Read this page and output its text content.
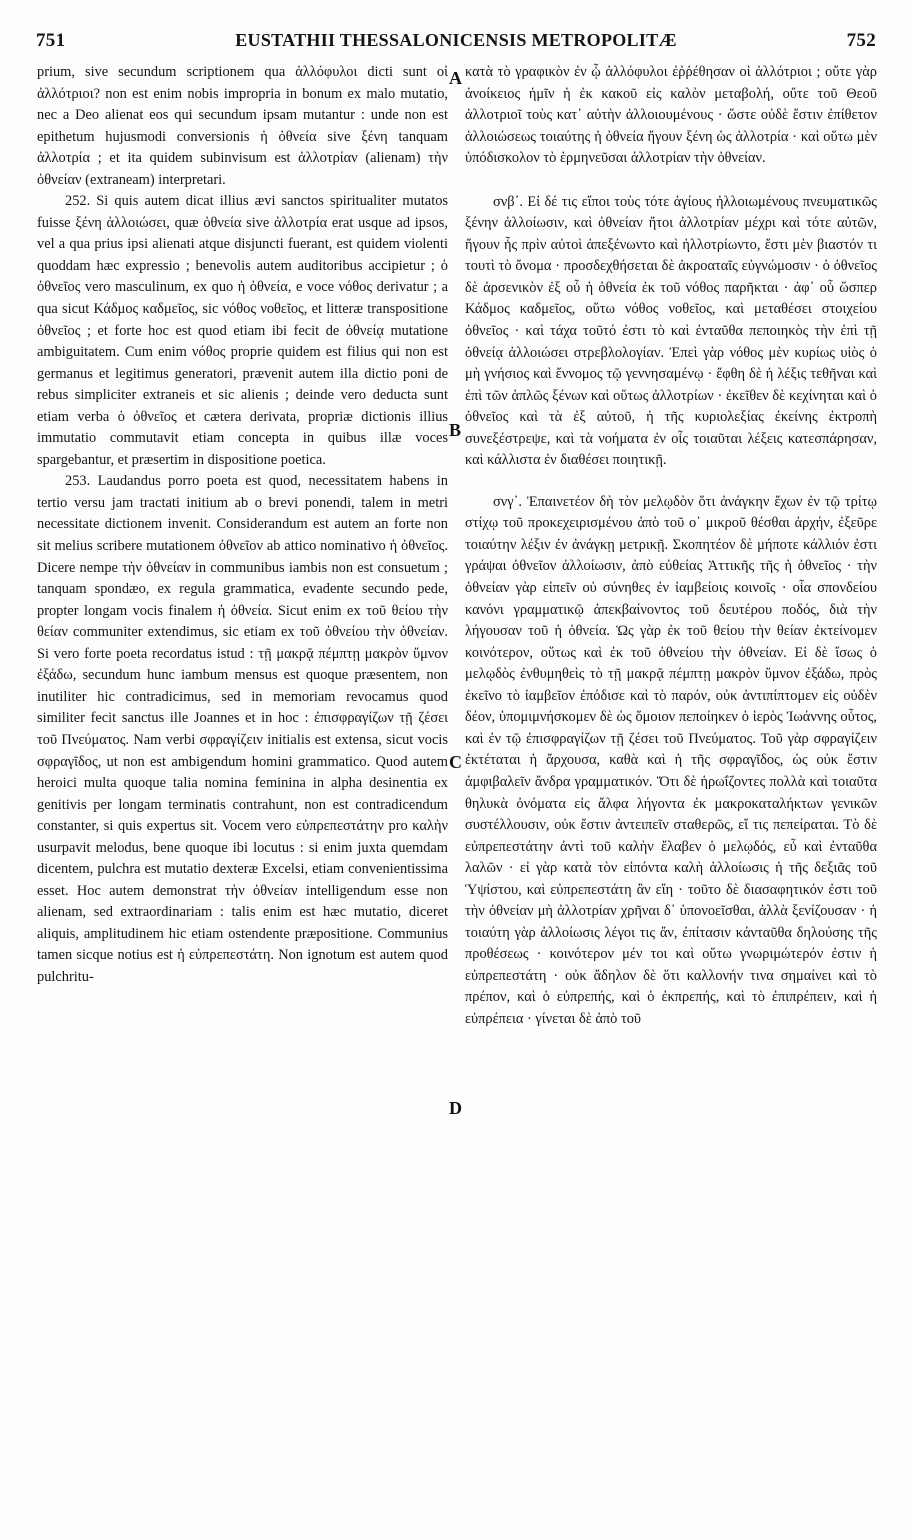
751	EUSTATHII THESSALONICENSIS METROPOLITÆ	752

prium, sive secundum scriptionem qua ἀλλόφυλοι dicti sunt οἱ ἀλλότριοι? non est enim nobis impropria in bonum ex malo mutatio, nec a Deo alienat eos qui secundum ipsam mutantur : unde non est epithetum hujusmodi conversionis ἡ ὀθνεία sive ξένη tanquam ἀλλοτρία ; et ita quidem subinvisum est ἀλλοτρίαν (alienam) τὴν ὀθνείαν (extraneam) interpretari.

252. Si quis autem dicat illius ævi sanctos spiritualiter mutatos fuisse ξένη ἀλλοιώσει, quæ ὀθνεία sive ἀλλοτρία erat usque ad ipsos, vel a qua prius ipsi alienati atque disjuncti fuerant, est quidem violenti quoddam hæc expressio ; benevolis autem auditoribus accipietur ; ὁ ὀθνεῖος vero masculinum, ex quo ἡ ὀθνεία, e voce νόθος derivatur ; a qua sicut Κάδμος καδμεῖος, sic νόθος νοθεῖος, et litteræ transpositione ὀθνεῖος ; et forte hoc est quod etiam ibi fecit de ὀθνείᾳ mutatione ambiguitatem. Cum enim νόθος proprie quidem est filius qui non est germanus et legitimus generatori, prævenit autem illa dictio poni de rebus simpliciter extraneis et sic alienis ; deinde vero deducta sunt etiam verba ὁ ὀθνεῖος et cætera derivata, propriæ dictionis illius immutatio commutavit etiam concepta in quibus illæ voces spargebantur, et præsertim in dispositione poetica.

253. Laudandus porro poeta est quod, necessitatem habens in tertio versu jam tractati initium ab o brevi ponendi, talem in metri necessitate dictionem invenit. Considerandum est autem an forte non sit melius scribere mutationem ὀθνεῖον ab attico nominativo ἡ ὀθνεῖος. Dicere nempe τὴν ὀθνείαν in communibus iambis non est consuetum ; tanquam spondæo, ex regula grammatica, evadente secundo pede, propter longam vocis finalem ἡ ὀθνεία. Sicut enim ex τοῦ θείου τὴν θείαν communiter extendimus, sic etiam ex τοῦ ὀθνείου τὴν ὀθνείαν. Si vero forte poeta recordatus istud : τῇ μακρᾷ πέμπτῃ μακρὸν ὕμνον ἐξάδω, secundum hunc iambum mensus est quoque præsentem, non inutiliter hic contradicimus, sed in memoriam revocamus quod similiter fecit sanctus ille Joannes et in hoc : ἐπισφραγίζων τῇ ζέσει τοῦ Πνεύματος. Nam verbi σφραγίζειν initialis est extensa, sicut vocis σφραγῖδος, ut non est ambigendum homini grammatico. Quod autem heroici multa quoque talia nomina feminina in alpha desinentia ex genitivis per longam terminatis contrahunt, non est contradicendum constanter, si quis expertus sit. Vocem vero εὐπρεπεστάτην pro καλὴν usurpavit melodus, bene quoque ibi locutus : si enim juxta quemdam dicentem, pulchra est mutatio dexteræ Excelsi, etiam convenientissima esset. Hoc autem demonstrat τὴν ὀθνείαν intelligendum esse non alienam, sed extraordinariam : talis enim est hæc mutatio, diceret aliquis, amplitudinem hic etiam ostendente præpositione. Communius tamen sicque notius est ἡ εὐπρεπεστάτη. Non ignotum est autem quod pulchritu-

A
B
C
D

κατὰ τὸ γραφικὸν ἐν ᾧ ἀλλόφυλοι ἐῤῥέθησαν οἱ ἀλλότριοι ; οὔτε γὰρ ἀνοίκειος ἡμῖν ἡ ἐκ κακοῦ εἰς καλὸν μεταβολή, οὔτε τοῦ Θεοῦ ἀλλοτριοῖ τοὺς κατ᾽ αὐτὴν ἀλλοιουμένους · ὥστε οὐδὲ ἔστιν ἐπίθετον ἀλλοιώσεως τοιαύτης ἡ ὀθνεία ἤγουν ξένη ὡς ἀλλοτρία · καὶ οὕτω μὲν ὑπόδισκολον τὸ ἑρμηνεῦσαι ἀλλοτρίαν τὴν ὀθνείαν.

σνβ᾽. Εἰ δέ τις εἴποι τοὺς τότε ἁγίους ἠλλοιωμένους πνευματικῶς ξένην ἀλλοίωσιν, καὶ ὀθνείαν ἤτοι ἀλλοτρίαν μέχρι καὶ τότε αὐτῶν, ἤγουν ἧς πρὶν αὐτοὶ ἀπεξένωντο καὶ ἠλλοτρίωντο, ἔστι μὲν βιαστόν τι τουτὶ τὸ ὄνομα · προσδεχθήσεται δὲ ἀκροαταῖς εὐγνώμοσιν · ὁ ὀθνεῖος δὲ ἀρσενικὸν ἐξ οὗ ἡ ὀθνεία ἐκ τοῦ νόθος παρῆκται · ἀφ᾽ οὗ ὥσπερ Κάδμος καδμεῖος, οὕτω νόθος νοθεῖος, καὶ μεταθέσει στοιχείου ὀθνεῖος · καὶ τάχα τοῦτό ἐστι τὸ καὶ ἐνταῦθα πεποιηκὸς τὴν ἐπὶ τῇ ὀθνείᾳ ἀλλοιώσει στρεβλολογίαν. Ἐπεὶ γὰρ νόθος μὲν κυρίως υἱὸς ὁ μὴ γνήσιος καὶ ἔννομος τῷ γεννησαμένῳ · ἔφθη δὲ ἡ λέξις τεθῆναι καὶ ἐπὶ τῶν ἁπλῶς ξένων καὶ οὕτως ἀλλοτρίων · ἐκεῖθεν δὲ κεχίνηται καὶ ὁ ὀθνεῖος καὶ τὰ ἐξ αὐτοῦ, ἡ τῆς κυριολεξίας ἐκείνης ἐκτροπὴ συνεξέστρεψε, καὶ τὰ νοήματα ἐν οἷς τοιαῦται λέξεις κατεσπάρησαν, καὶ κάλλιστα ἐν διαθέσει ποιητικῇ.

σνγ᾽. Ἐπαινετέον δὴ τὸν μελῳδὸν ὅτι ἀνάγκην ἔχων ἐν τῷ τρίτῳ στίχῳ τοῦ προκεχειρισμένου ἀπὸ τοῦ ο᾽ μικροῦ θέσθαι ἀρχήν, ἐξεῦρε τοιαύτην λέξιν ἐν ἀνάγκῃ μετρικῇ. Σκοπητέον δὲ μήποτε κάλλιόν ἐστι γράψαι ὀθνεῖον ἀλλοίωσιν, ἀπὸ εὐθείας Ἀττικῆς τῆς ἡ ὀθνεῖος · τὴν ὀθνείαν γὰρ εἰπεῖν οὐ σύνηθες ἐν ἰαμβείοις κοινοῖς · οἷα σπονδείου κανόνι γραμματικῷ ἀπεκβαίνοντος τοῦ δευτέρου ποδός, διὰ τὴν λήγουσαν τοῦ ἡ ὀθνεία. Ὡς γὰρ ἐκ τοῦ θείου τὴν θείαν ἐκτείνομεν κοινότερον, οὕτως καὶ ἐκ τοῦ ὀθνείου τὴν ὀθνείαν. Εἰ δὲ ἴσως ὁ μελῳδὸς ἐνθυμηθεὶς τὸ τῇ μακρᾷ πέμπτῃ μακρὸν ὕμνον ἐξάδω, πρὸς ἐκεῖνο τὸ ἰαμβεῖον ἐπόδισε καὶ τὸ παρόν, οὐκ ἀντιπίπτομεν εἰς οὐδὲν δέον, ὑπομιμνήσκομεν δὲ ὡς ὅμοιον πεποίηκεν ὁ ἱερὸς Ἰωάννης οὗτος, καὶ ἐν τῷ ἐπισφραγίζων τῇ ζέσει τοῦ Πνεύματος. Τοῦ γὰρ σφραγίζειν ἐκτέταται ἡ ἄρχουσα, καθὰ καὶ ἡ τῆς σφραγῖδος, ὡς οὐκ ἔστιν ἀμφιβαλεῖν ἄνδρα γραμματικόν. Ὅτι δὲ ἡρωΐζοντες πολλὰ καὶ τοιαῦτα θηλυκὰ ὀνόματα εἰς ἄλφα λήγοντα ἐκ μακροκαταλήκτων γενικῶν συστέλλουσιν, οὐκ ἔστιν ἀντειπεῖν σταθερῶς, εἴ τις πεπείραται. Τὸ δὲ εὐπρεπεστάτην ἀντὶ τοῦ καλὴν ἔλαβεν ὁ μελῳδός, εὖ καὶ ἐνταῦθα λαλῶν · εἰ γὰρ κατὰ τὸν εἰπόντα καλὴ ἀλλοίωσις ἡ τῆς δεξιᾶς τοῦ Ὑψίστου, καὶ εὐπρεπεστάτη ἂν εἴη · τοῦτο δὲ διασαφητικόν ἐστι τοῦ τὴν ὀθνείαν μὴ ἀλλοτρίαν χρῆναι δ᾽ ὑπονοεῖσθαι, ἀλλὰ ξενίζουσαν · ἡ τοιαύτη γὰρ ἀλλοίωσις λέγοι τις ἄν, ἐπίτασιν κἀνταῦθα δηλούσης τῆς προθέσεως · κοινότερον μέν τοι καὶ οὕτω γνωριμώτερόν ἐστιν ἡ εὐπρεπεστάτη · οὐκ ἄδηλον δὲ ὅτι καλλονήν τινα σημαίνει καὶ τὸ πρέπον, καὶ ὁ εὐπρεπής, καὶ ὁ ἐκπρεπής, καὶ τὸ ἐπιπρέπειν, καὶ ἡ εὐπρέπεια · γίνεται δὲ ἀπὸ τοῦ
